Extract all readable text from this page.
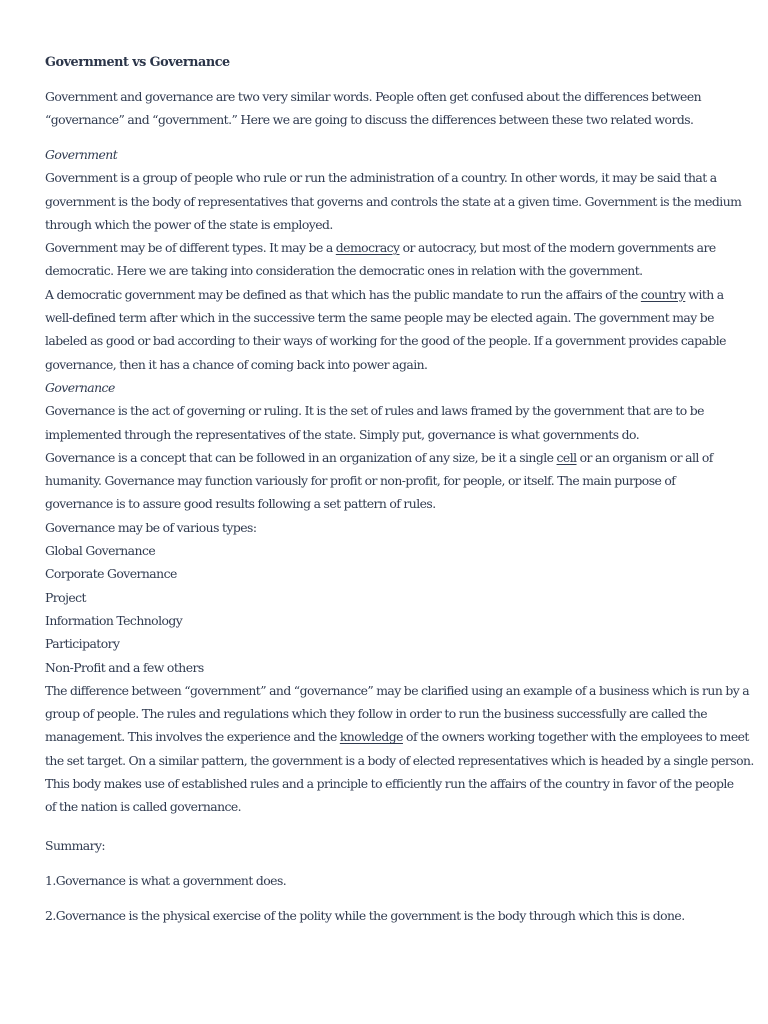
Government vs Governance
Government and governance are two very similar words. People often get confused about the differences between
“governance” and “government.” Here we are going to discuss the differences between these two related words.
Government
Government is a group of people who rule or run the administration of a country. In other words, it may be said that a
government is the body of representatives that governs and controls the state at a given time. Government is the medium
through which the power of the state is employed.
Government may be of different types. It may be a democracy or autocracy, but most of the modern governments are
democratic. Here we are taking into consideration the democratic ones in relation with the government.
A democratic government may be defined as that which has the public mandate to run the affairs of the country with a
well-defined term after which in the successive term the same people may be elected again. The government may be
labeled as good or bad according to their ways of working for the good of the people. If a government provides capable
governance, then it has a chance of coming back into power again.
Governance
Governance is the act of governing or ruling. It is the set of rules and laws framed by the government that are to be
implemented through the representatives of the state. Simply put, governance is what governments do.
Governance is a concept that can be followed in an organization of any size, be it a single cell or an organism or all of
humanity. Governance may function variously for profit or non-profit, for people, or itself. The main purpose of
governance is to assure good results following a set pattern of rules.
Governance may be of various types:
Global Governance
Corporate Governance
Project
Information Technology
Participatory
Non-Profit and a few others
The difference between “government” and “governance” may be clarified using an example of a business which is run by a
group of people. The rules and regulations which they follow in order to run the business successfully are called the
management. This involves the experience and the knowledge of the owners working together with the employees to meet
the set target. On a similar pattern, the government is a body of elected representatives which is headed by a single person.
This body makes use of established rules and a principle to efficiently run the affairs of the country in favor of the people
of the nation is called governance.
Summary:
1.Governance is what a government does.
2.Governance is the physical exercise of the polity while the government is the body through which this is done.
